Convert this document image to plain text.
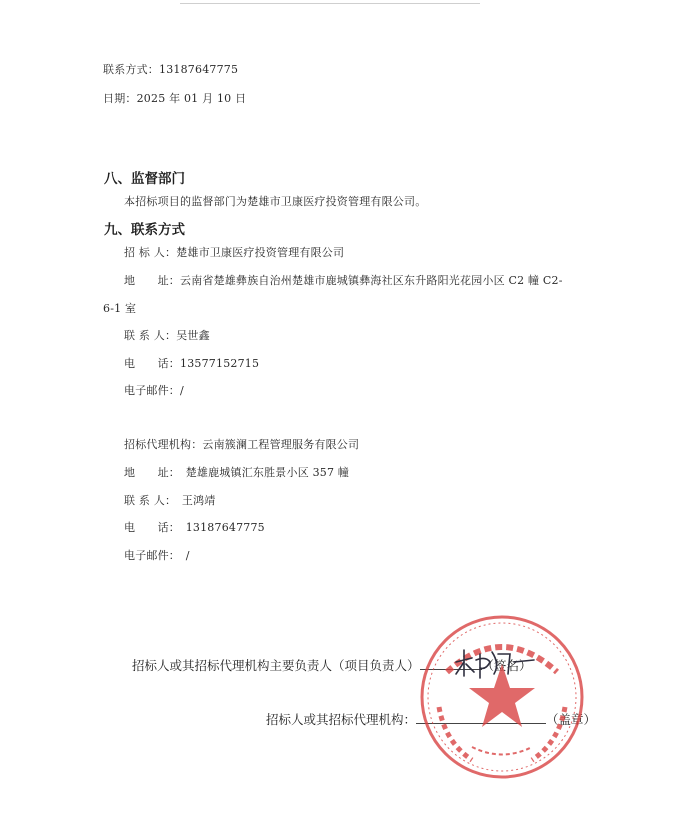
联系方式：13187647775
日期：2025 年 01 月 10 日
八、监督部门
本招标项目的监督部门为楚雄市卫康医疗投资管理有限公司。
九、联系方式
招 标 人：楚雄市卫康医疗投资管理有限公司
地　　址：云南省楚雄彝族自治州楚雄市鹿城镇彝海社区东升路阳光花园小区 C2 幢 C2-
6-1 室
联 系 人：吴世鑫
电　　话：13577152715
电子邮件：/
招标代理机构：云南簇澜工程管理服务有限公司
地　　址：　楚雄鹿城镇汇东胜景小区 357 幢
联 系 人：　王鸿靖
电　　话：　13187647775
电子邮件：　/
招标人或其招标代理机构主要负责人（项目负责人）	（签名）
招标人或其招标代理机构：	（盖章）
